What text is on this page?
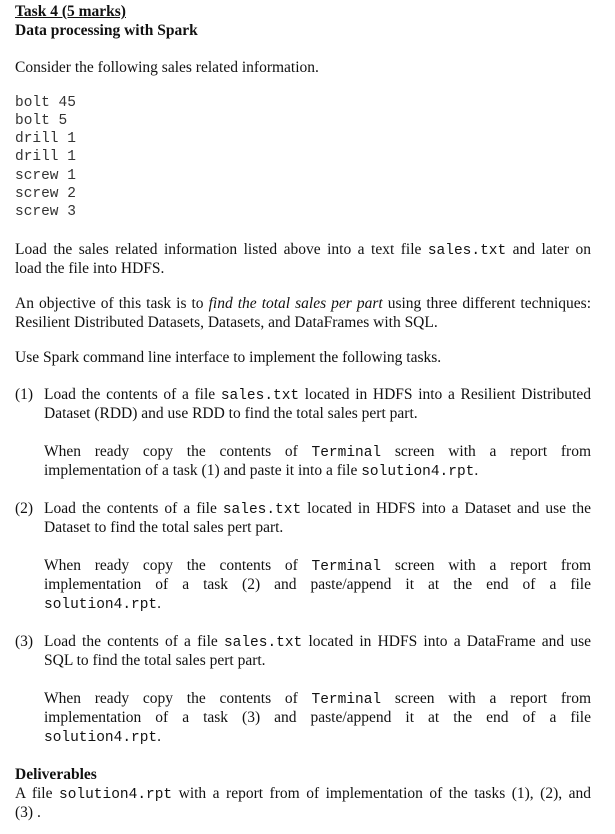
Task 4 (5 marks)
Data processing with Spark
Consider the following sales related information.
bolt 45
bolt 5
drill 1
drill 1
screw 1
screw 2
screw 3
Load the sales related information listed above into a text file sales.txt and later on
load the file into HDFS.
An objective of this task is to find the total sales per part using three different techniques:
Resilient Distributed Datasets, Datasets, and DataFrames with SQL.
Use Spark command line interface to implement the following tasks.
(1) Load the contents of a file sales.txt located in HDFS into a Resilient Distributed
Dataset (RDD) and use RDD to find the total sales pert part.
When ready copy the contents of Terminal screen with a report from
implementation of a task (1) and paste it into a file solution4.rpt.
(2) Load the contents of a file sales.txt located in HDFS into a Dataset and use the
Dataset to find the total sales pert part.
When ready copy the contents of Terminal screen with a report from
implementation of a task (2) and paste/append it at the end of a file
solution4.rpt.
(3) Load the contents of a file sales.txt located in HDFS into a DataFrame and use
SQL to find the total sales pert part.
When ready copy the contents of Terminal screen with a report from
implementation of a task (3) and paste/append it at the end of a file
solution4.rpt.
Deliverables
A file solution4.rpt with a report from of implementation of the tasks (1), (2), and
(3) .
